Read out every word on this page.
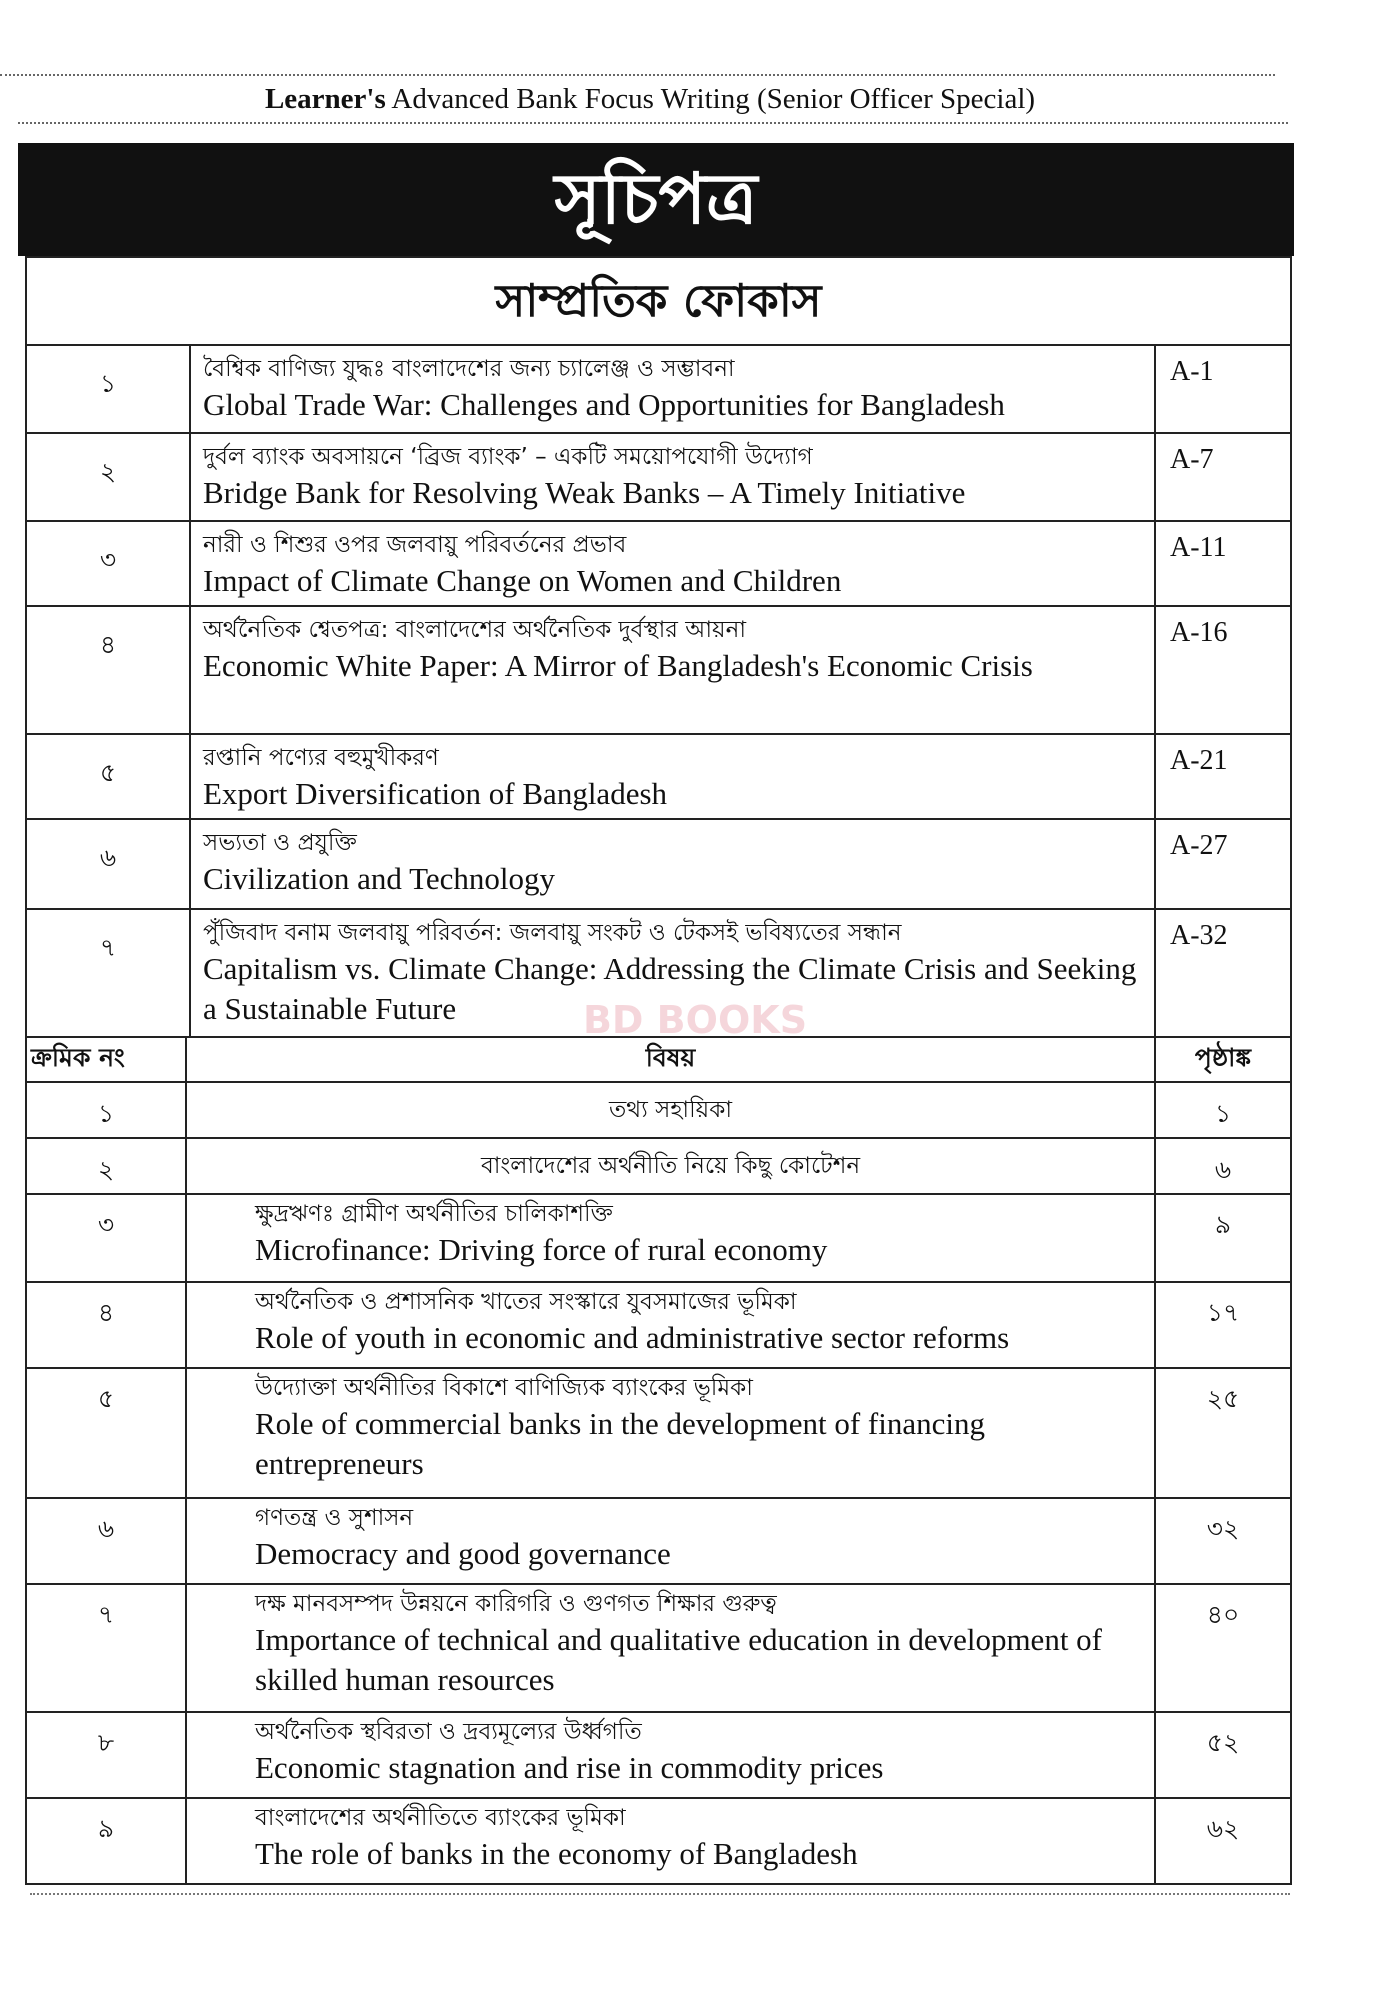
Learner's Advanced Bank Focus Writing (Senior Officer Special)
সূচিপত্র
সাম্প্রতিক ফোকাস		
১	বৈশ্বিক বাণিজ্য যুদ্ধঃ বাংলাদেশের জন্য চ্যালেঞ্জ ও সম্ভাবনা
Global Trade War: Challenges and Opportunities for Bangladesh	A-1
২	দুর্বল ব্যাংক অবসায়নে ‘ব্রিজ ব্যাংক’ – একটি সময়োপযোগী উদ্যোগ
Bridge Bank for Resolving Weak Banks – A Timely Initiative	A-7
৩	নারী ও শিশুর ওপর জলবায়ু পরিবর্তনের প্রভাব
Impact of Climate Change on Women and Children	A-11
৪	অর্থনৈতিক শ্বেতপত্র: বাংলাদেশের অর্থনৈতিক দুর্বস্থার আয়না
Economic White Paper: A Mirror of Bangladesh's Economic Crisis	A-16
৫	রপ্তানি পণ্যের বহুমুখীকরণ
Export Diversification of Bangladesh	A-21
৬	সভ্যতা ও প্রযুক্তি
Civilization and Technology	A-27
৭	পুঁজিবাদ বনাম জলবায়ু পরিবর্তন: জলবায়ু সংকট ও টেকসই ভবিষ্যতের সন্ধান
Capitalism vs. Climate Change: Addressing the Climate Crisis and Seeking a Sustainable Future	A-32
ক্রমিক নং	বিষয়	পৃষ্ঠাঙ্ক
১	তথ্য সহায়িকা	১
২	বাংলাদেশের অর্থনীতি নিয়ে কিছু কোটেশন	৬
৩	ক্ষুদ্রঋণঃ গ্রামীণ অর্থনীতির চালিকাশক্তি
Microfinance: Driving force of rural economy	৯
৪	অর্থনৈতিক ও প্রশাসনিক খাতের সংস্কারে যুবসমাজের ভূমিকা
Role of youth in economic and administrative sector reforms	১৭
৫	উদ্যোক্তা অর্থনীতির বিকাশে বাণিজ্যিক ব্যাংকের ভূমিকা
Role of commercial banks in the development of financing entrepreneurs	২৫
৬	গণতন্ত্র ও সুশাসন
Democracy and good governance	৩২
৭	দক্ষ মানবসম্পদ উন্নয়নে কারিগরি ও গুণগত শিক্ষার গুরুত্ব
Importance of technical and qualitative education in development of skilled human resources	৪০
৮	অর্থনৈতিক স্থবিরতা ও দ্রব্যমূল্যের উর্ধ্বগতি
Economic stagnation and rise in commodity prices	৫২
৯	বাংলাদেশের অর্থনীতিতে ব্যাংকের ভূমিকা
The role of banks in the economy of Bangladesh	৬২
BD BOOKS
